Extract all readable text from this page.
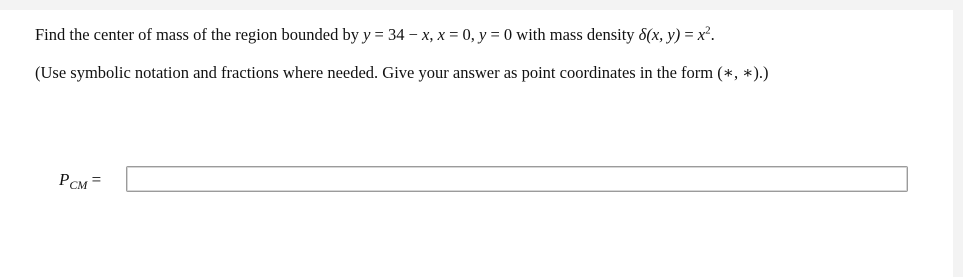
Find the center of mass of the region bounded by y = 34 − x, x = 0, y = 0 with mass density δ(x, $y) = x^2$.
(Use symbolic notation and fractions where needed. Give your answer as point coordinates in the form (∗, ∗).)
$P_{CM}$ =
